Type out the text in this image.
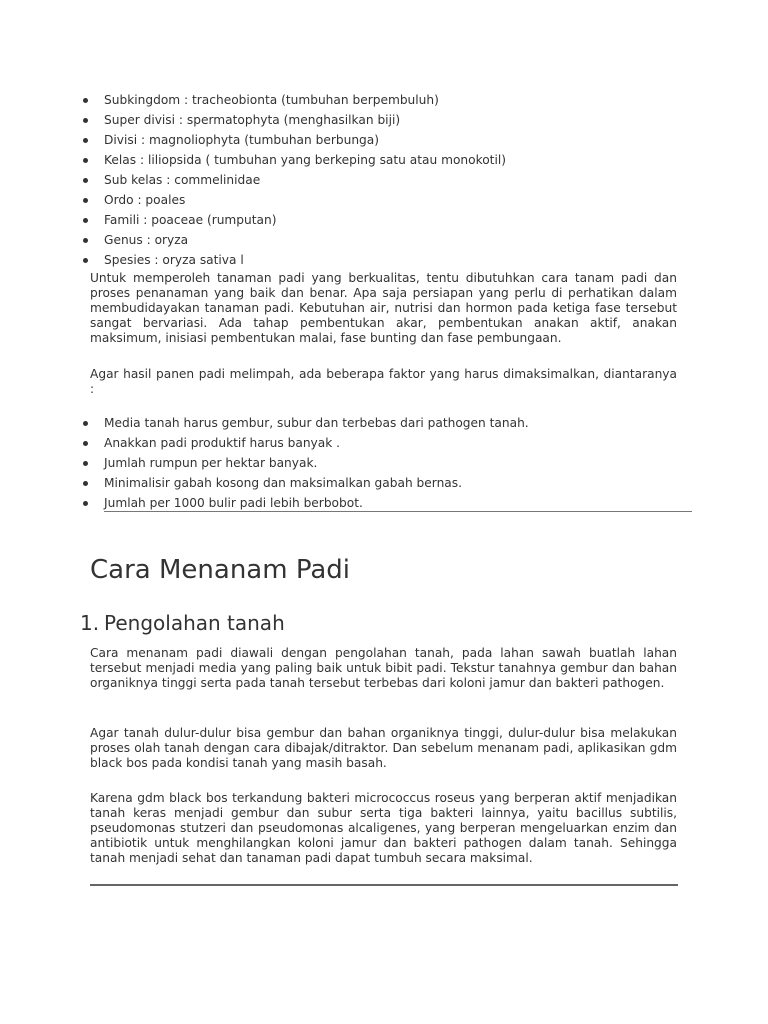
Subkingdom : tracheobionta (tumbuhan berpembuluh)
Super divisi : spermatophyta (menghasilkan biji)
Divisi : magnoliophyta (tumbuhan berbunga)
Kelas : liliopsida ( tumbuhan yang berkeping satu atau monokotil)
Sub kelas : commelinidae
Ordo : poales
Famili : poaceae (rumputan)
Genus : oryza
Spesies : oryza sativa l

Untuk memperoleh tanaman padi yang berkualitas, tentu dibutuhkan cara tanam padi dan proses penanaman yang baik dan benar. Apa saja persiapan yang perlu di perhatikan dalam membudidayakan tanaman padi. Kebutuhan air, nutrisi dan hormon pada ketiga fase tersebut sangat bervariasi. Ada tahap pembentukan akar, pembentukan anakan aktif, anakan maksimum, inisiasi pembentukan malai, fase bunting dan fase pembungaan.

Agar hasil panen padi melimpah, ada beberapa faktor yang harus dimaksimalkan, diantaranya :

Media tanah harus gembur, subur dan terbebas dari pathogen tanah.
Anakkan padi produktif harus banyak .
Jumlah rumpun per hektar banyak.
Minimalisir gabah kosong dan maksimalkan gabah bernas.
Jumlah per 1000 bulir padi lebih berbobot.
Cara Menanam Padi
1. Pengolahan tanah

Cara menanam padi diawali dengan pengolahan tanah, pada lahan sawah buatlah lahan tersebut menjadi media yang paling baik untuk bibit padi. Tekstur tanahnya gembur dan bahan organiknya tinggi serta pada tanah tersebut terbebas dari koloni jamur dan bakteri pathogen.

Agar tanah dulur-dulur bisa gembur dan bahan organiknya tinggi, dulur-dulur bisa melakukan proses olah tanah dengan cara dibajak/ditraktor. Dan sebelum menanam padi, aplikasikan gdm black bos pada kondisi tanah yang masih basah.

Karena gdm black bos terkandung bakteri micrococcus roseus yang berperan aktif menjadikan tanah keras menjadi gembur dan subur serta tiga bakteri lainnya, yaitu bacillus subtilis, pseudomonas stutzeri dan pseudomonas alcaligenes, yang berperan mengeluarkan enzim dan antibiotik untuk menghilangkan koloni jamur dan bakteri pathogen dalam tanah. Sehingga tanah menjadi sehat dan tanaman padi dapat tumbuh secara maksimal.
